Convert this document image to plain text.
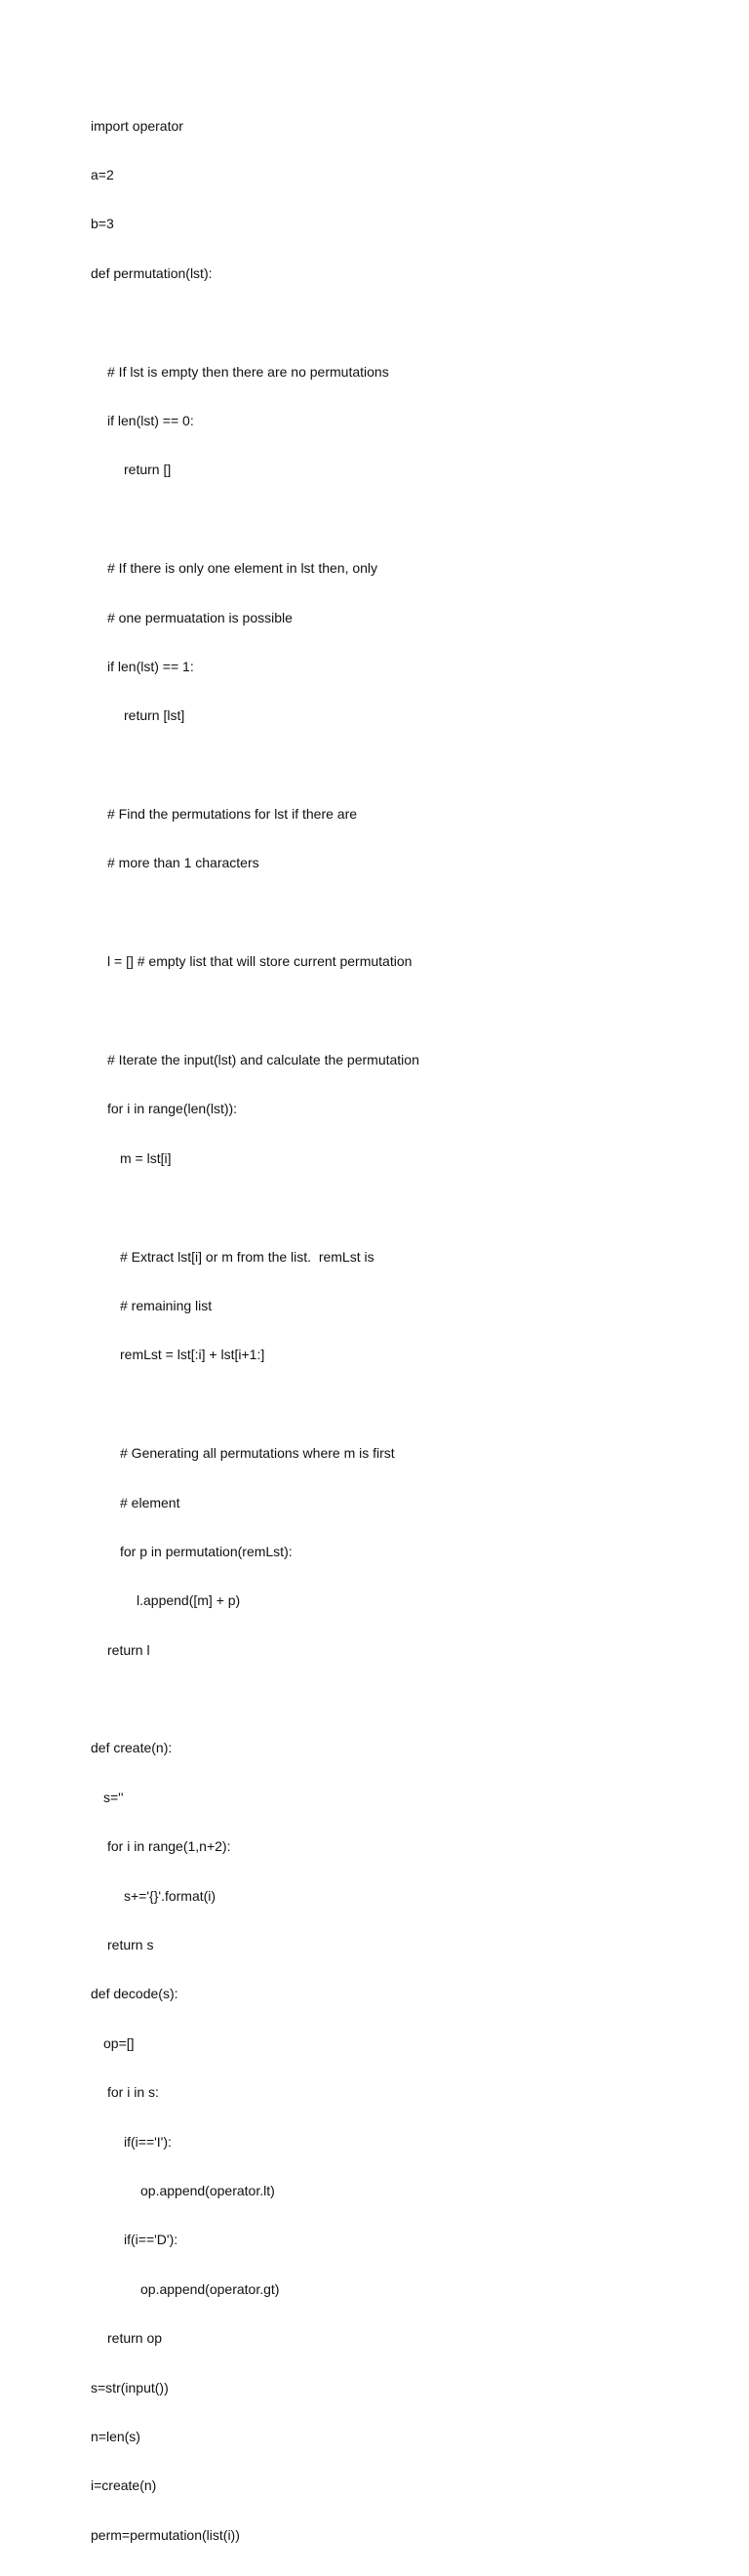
import operator

a=2

b=3

def permutation(lst):

# If lst is empty then there are no permutations

if len(lst) == 0:

return []

# If there is only one element in lst then, only

# one permuatation is possible

if len(lst) == 1:

return [lst]

# Find the permutations for lst if there are

# more than 1 characters

l = [] # empty list that will store current permutation

# Iterate the input(lst) and calculate the permutation

for i in range(len(lst)):

m = lst[i]

# Extract lst[i] or m from the list.  remLst is

# remaining list

remLst = lst[:i] + lst[i+1:]

# Generating all permutations where m is first

# element

for p in permutation(remLst):

l.append([m] + p)

return l

def create(n):

s=''

for i in range(1,n+2):

s+='{}'.format(i)

return s

def decode(s):

op=[]

for i in s:

if(i=='I'):

op.append(operator.lt)

if(i=='D'):

op.append(operator.gt)

return op

s=str(input())

n=len(s)

i=create(n)

perm=permutation(list(i))
